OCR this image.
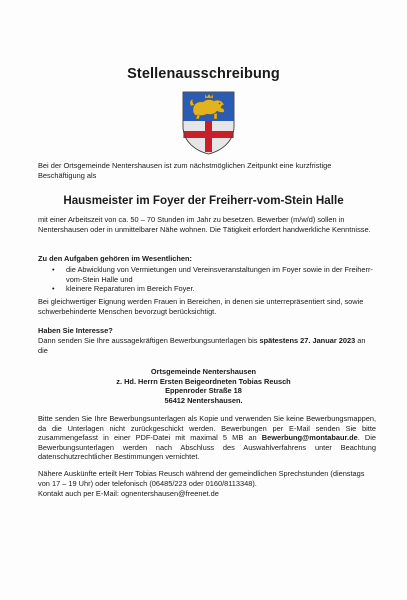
Stellenausschreibung

Bei der Ortsgemeinde Nentershausen ist zum nächstmöglichen Zeitpunkt eine kurzfristige Beschäftigung als

Hausmeister im Foyer der Freiherr-vom-Stein Halle

mit einer Arbeitszeit von ca. 50 – 70 Stunden im Jahr zu besetzen. Bewerber (m/w/d) sollen in Nentershausen oder in unmittelbarer Nähe wohnen. Die Tätigkeit erfordert handwerkliche Kenntnisse.

Zu den Aufgaben gehören im Wesentlichen:

• die Abwicklung von Vermietungen und Vereinsveranstaltungen im Foyer sowie in der Freiherr-vom-Stein Halle und
• kleinere Reparaturen im Bereich Foyer.

Bei gleichwertiger Eignung werden Frauen in Bereichen, in denen sie unterrepräsentiert sind, sowie schwerbehinderte Menschen bevorzugt berücksichtigt.

Haben Sie Interesse?

Dann senden Sie Ihre aussagekräftigen Bewerbungsunterlagen bis spätestens 27. Januar 2023 an die

Ortsgemeinde Nentershausen
z. Hd. Herrn Ersten Beigeordneten Tobias Reusch
Eppenroder Straße 18
56412 Nentershausen.

Bitte senden Sie Ihre Bewerbungsunterlagen als Kopie und verwenden Sie keine Bewerbungsmappen, da die Unterlagen nicht zurückgeschickt werden. Bewerbungen per E-Mail senden Sie bitte zusammengefasst in einer PDF-Datei mit maximal 5 MB an Bewerbung@montabaur.de. Die Bewerbungsunterlagen werden nach Abschluss des Auswahlverfahrens unter Beachtung datenschutzrechtlicher Bestimmungen vernichtet.

Nähere Auskünfte erteilt Herr Tobias Reusch während der gemeindlichen Sprechstunden (dienstags von 17 – 19 Uhr) oder telefonisch (06485/223 oder 0160/8113348).

Kontakt auch per E-Mail: ognentershausen@freenet.de
